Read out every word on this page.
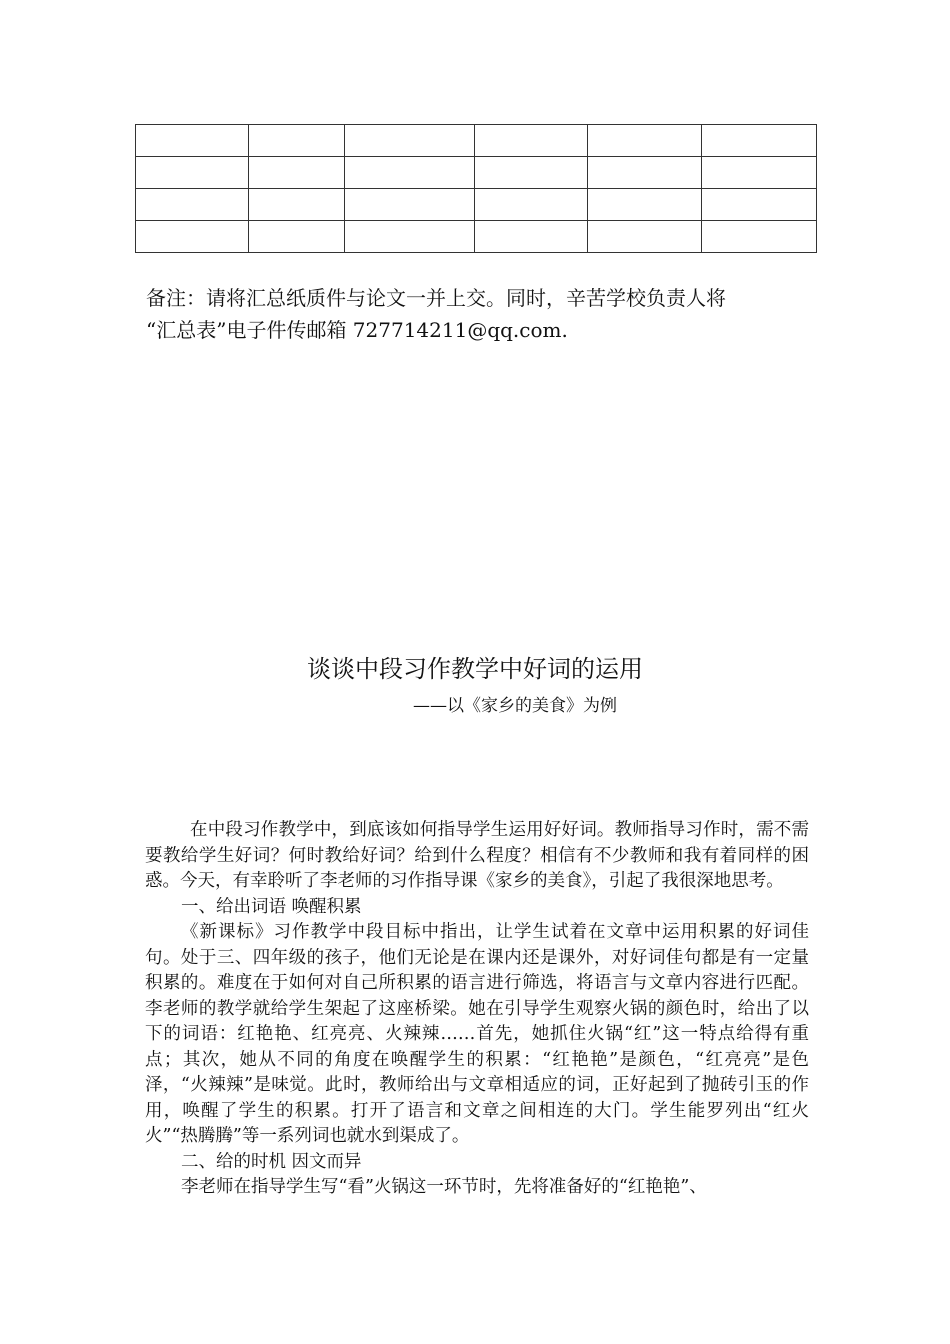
备注：请将汇总纸质件与论文一并上交。同时，辛苦学校负责人将

“汇总表”电子件传邮箱 727714211@qq.com.

谈谈中段习作教学中好词的运用

——以《家乡的美食》为例

在中段习作教学中，到底该如何指导学生运用好好词。教师指导习作时，需不需要教给学生好词？何时教给好词？给到什么程度？相信有不少教师和我有着同样的困惑。今天，有幸聆听了李老师的习作指导课《家乡的美食》，引起了我很深地思考。

一、给出词语 唤醒积累

《新课标》习作教学中段目标中指出，让学生试着在文章中运用积累的好词佳句。处于三、四年级的孩子，他们无论是在课内还是课外，对好词佳句都是有一定量积累的。难度在于如何对自己所积累的语言进行筛选，将语言与文章内容进行匹配。李老师的教学就给学生架起了这座桥梁。她在引导学生观察火锅的颜色时，给出了以下的词语：红艳艳、红亮亮、火辣辣……首先，她抓住火锅“红”这一特点给得有重点；其次，她从不同的角度在唤醒学生的积累：“红艳艳”是颜色，“红亮亮”是色泽，“火辣辣”是味觉。此时，教师给出与文章相适应的词，正好起到了抛砖引玉的作用，唤醒了学生的积累。打开了语言和文章之间相连的大门。学生能罗列出“红火火”“热腾腾”等一系列词也就水到渠成了。

二、给的时机 因文而异

李老师在指导学生写“看”火锅这一环节时，先将准备好的“红艳艳”、
